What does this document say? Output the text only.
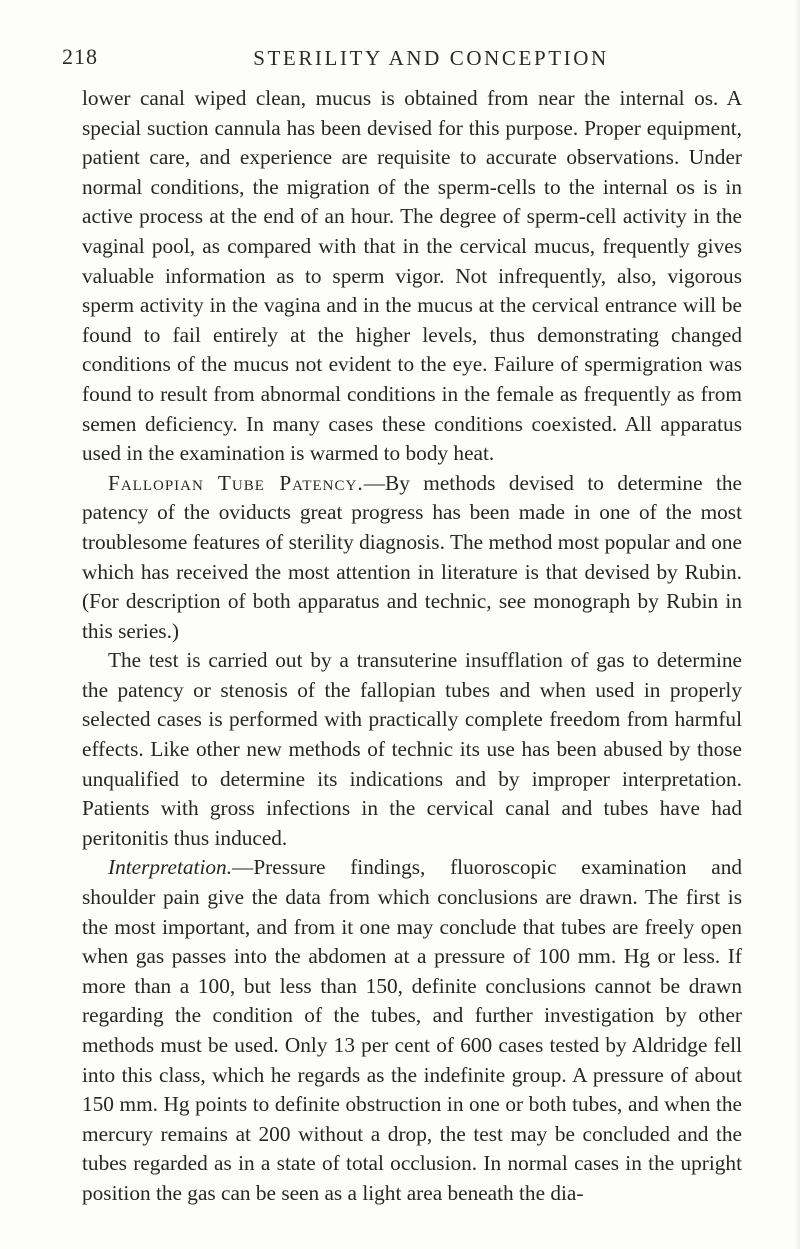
218	STERILITY AND CONCEPTION

lower canal wiped clean, mucus is obtained from near the internal os. A special suction cannula has been devised for this purpose. Proper equipment, patient care, and experience are requisite to accurate observations. Under normal conditions, the migration of the sperm-cells to the internal os is in active process at the end of an hour. The degree of sperm-cell activity in the vaginal pool, as compared with that in the cervical mucus, frequently gives valuable information as to sperm vigor. Not infrequently, also, vigorous sperm activity in the vagina and in the mucus at the cervical entrance will be found to fail entirely at the higher levels, thus demonstrating changed conditions of the mucus not evident to the eye. Failure of spermigration was found to result from abnormal conditions in the female as frequently as from semen deficiency. In many cases these conditions coexisted. All apparatus used in the examination is warmed to body heat.

Fallopian Tube Patency.—By methods devised to determine the patency of the oviducts great progress has been made in one of the most troublesome features of sterility diagnosis. The method most popular and one which has received the most attention in literature is that devised by Rubin. (For description of both apparatus and technic, see monograph by Rubin in this series.)

The test is carried out by a transuterine insufflation of gas to determine the patency or stenosis of the fallopian tubes and when used in properly selected cases is performed with practically complete freedom from harmful effects. Like other new methods of technic its use has been abused by those unqualified to determine its indications and by improper interpretation. Patients with gross infections in the cervical canal and tubes have had peritonitis thus induced.

Interpretation.—Pressure findings, fluoroscopic examination and shoulder pain give the data from which conclusions are drawn. The first is the most important, and from it one may conclude that tubes are freely open when gas passes into the abdomen at a pressure of 100 mm. Hg or less. If more than a 100, but less than 150, definite conclusions cannot be drawn regarding the condition of the tubes, and further investigation by other methods must be used. Only 13 per cent of 600 cases tested by Aldridge fell into this class, which he regards as the indefinite group. A pressure of about 150 mm. Hg points to definite obstruction in one or both tubes, and when the mercury remains at 200 without a drop, the test may be concluded and the tubes regarded as in a state of total occlusion. In normal cases in the upright position the gas can be seen as a light area beneath the dia-
